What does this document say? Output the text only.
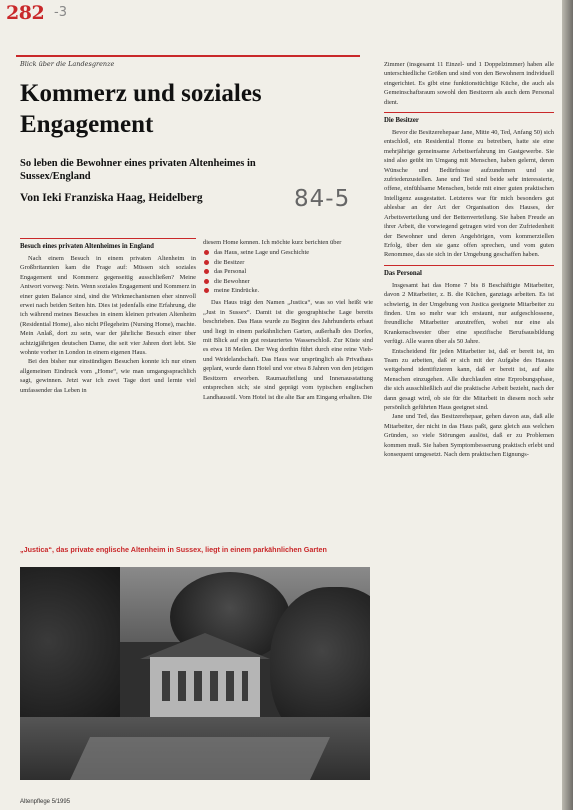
282 -3

Blick über die Landesgrenze

Kommerz und soziales Engagement

So leben die Bewohner eines privaten Altenheimes in Sussex/England

Von Ieki Franziska Haag, Heidelberg	84-5

Besuch eines privaten Altenheimes in England

Nach einem Besuch in einem privaten Altenheim in Großbritannien kam die Frage auf: Müssen sich soziales Engagement und Kommerz gegenseitig ausschließen? Meine Antwort vorweg: Nein. Wenn soziales Engagement und Kommerz in einer guten Balance sind, sind die Wirkmechanismen eher sinnvoll erwei nach beiden Seiten hin. Dies ist jedenfalls eine Erfahrung, die ich während meines Besuches in einem kleinen privaten Altenheim (Residential Home), also nicht Pflegeheim (Nursing Home), machte. Mein Anlaß, dort zu sein, war der jährliche Besuch einer über achtzigjährigen deutschen Dame, die seit vier Jahren dort lebt. Sie wohnte vorher in London in einem eigenen Haus.

Bei den bisher nur einstündigen Besuchen konnte ich nur einen allgemeinen Eindruck vom „Home“, wie man umgangssprachlich sagt, gewinnen. Jetzt war ich zwei Tage dort und lernte viel umfassender das Leben in

diesem Home kennen. Ich möchte kurz berichten über

das Haus, seine Lage und Geschichte
die Besitzer
das Personal
die Bewohner
meine Eindrücke.

Das Haus trägt den Namen „Justica“, was so viel heißt wie „Just in Sussex“. Damit ist die geographische Lage bereits beschrieben. Das Haus wurde zu Beginn des Jahrhunderts erbaut und liegt in einem parkähnlichen Garten, außerhalb des Dorfes, mit Blick auf ein gut restauriertes Wasserschloß. Zur Küste sind es etwa 18 Meilen. Der Weg dorthin führt durch eine reine Vieh- und Weidelandschaft. Das Haus war ursprünglich als Privathaus geplant, wurde dann Hotel und vor etwa 8 Jahren von den jetzigen Besitzern erworben. Raumaufteilung und Innenausstattung entsprechen sich; sie sind geprägt vom typischen englischen Landhausstil. Vom Hotel ist die alte Bar am Eingang erhalten. Die

Zimmer (insgesamt 11 Einzel- und 1 Doppelzimmer) haben alle unterschiedliche Größen und sind von den Bewohnern individuell eingerichtet. Es gibt eine funktionstüchtige Küche, die auch als Gemeinschaftsraum sowohl den Besitzern als auch dem Personal dient.

Die Besitzer

Bevor die Besitzerehepaar Jane, Mitte 40, Ted, Anfang 50) sich entschloß, ein Residential Home zu betreiben, hatte sie eine mehrjährige gemeinsame Arbeitserfahrung im Gastgewerbe. Sie sind also geübt im Umgang mit Menschen, haben gelernt, deren Wünsche und Bedürfnisse aufzunehmen und sie zufriedenzustellen. Jane und Ted sind beide sehr interessierte, offene, einfühlsame Menschen, beide mit einer guten praktischen Intelligenz ausgestattet. Letzteres war für mich besonders gut ablesbar an der Art der Organisation des Hauses, der Arbeitsverteilung und der Bettenverteilung. Sie haben Freude an ihrer Arbeit, die vorwiegend getragen wird von der Zufriedenheit der Bewohner und deren Angehörigen, vom kommerziellen Erfolg, über den sie ganz offen sprechen, und vom guten Renommee, das sie sich in der Umgebung geschaffen haben.

Das Personal

Insgesamt hat das Home 7 bis 8 Beschäftigte Mitarbeiter, davon 2 Mitarbeiter, z. B. die Küchen, ganztags arbeiten. Es ist schwierig, in der Umgebung von Justica geeignete Mitarbeiter zu finden. Um so mehr war ich erstaunt, nur aufgeschlossene, freundliche Mitarbeiter anzutreffen, wobei nur eine als Krankenschwester über eine spezifische Berufsausbildung verfügt. Alle waren über als 50 Jahre.

Entscheidend für jeden Mitarbeiter ist, daß er bereit ist, im Team zu arbeiten, daß er sich mit der Aufgabe des Hauses weitgehend identifizieren kann, daß er bereit ist, auf alte Menschen einzugehen. Alle durchlaufen eine Erprobungsphase, die sich ausschließlich auf die praktische Arbeit bezieht, nach der dann gesagt wird, ob sie für die Mitarbeit in diesem noch sehr persönlich geführten Haus geeignet sind.

Jane und Ted, das Besitzerehepaar, gehen davon aus, daß alle Mitarbeiter, der nicht in das Haus paßt, ganz gleich aus welchen Gründen, so viele Störungen auslöst, daß er zu Problemen kommen muß. Sie haben Symptombesserung praktisch erlebt und konsequent umgesetzt. Nach dem praktischen Eignungs-

„Justica“, das private englische Altenheim in Sussex, liegt in einem parkähnlichen Garten

Altenpflege 5/1995
